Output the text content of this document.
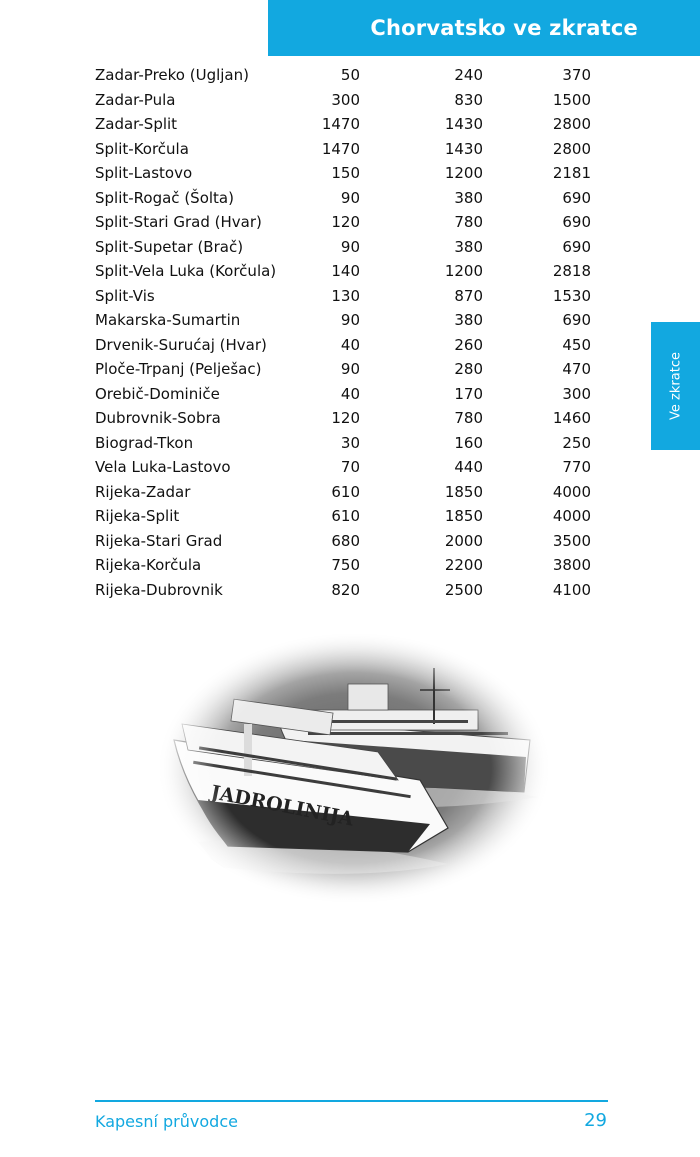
Chorvatsko ve zkratce
Ve zkratce
Zadar-Preko (Ugljan)	50	240	370
Zadar-Pula	300	830	1500
Zadar-Split	1470	1430	2800
Split-Korčula	1470	1430	2800
Split-Lastovo	150	1200	2181
Split-Rogač (Šolta)	90	380	690
Split-Stari Grad (Hvar)	120	780	690
Split-Supetar (Brač)	90	380	690
Split-Vela Luka (Korčula)	140	1200	2818
Split-Vis	130	870	1530
Makarska-Sumartin	90	380	690
Drvenik-Surućaj (Hvar)	40	260	450
Ploče-Trpanj (Pelješac)	90	280	470
Orebič-Dominiče	40	170	300
Dubrovnik-Sobra	120	780	1460
Biograd-Tkon	30	160	250
Vela Luka-Lastovo	70	440	770
Rijeka-Zadar	610	1850	4000
Rijeka-Split	610	1850	4000
Rijeka-Stari Grad	680	2000	3500
Rijeka-Korčula	750	2200	3800
Rijeka-Dubrovnik	820	2500	4100
Kapesní průvodce	29
